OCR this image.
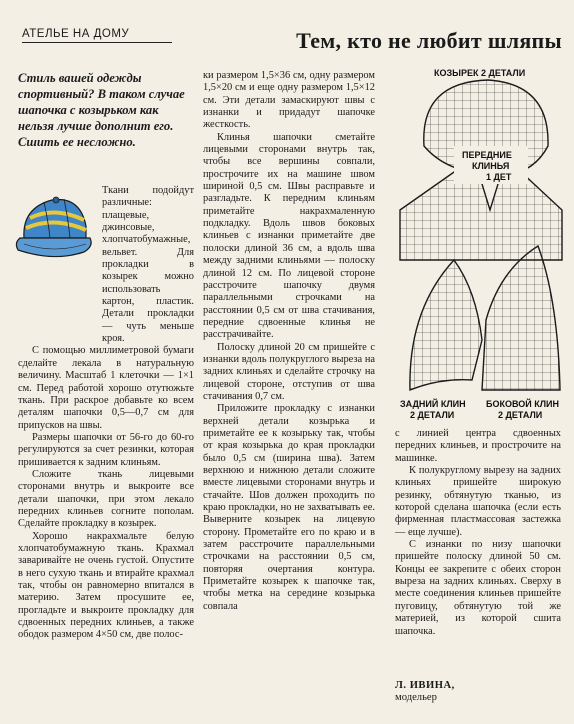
АТЕЛЬЕ НА ДОМУ	Тем, кто не любит шляпы
Стиль вашей одежды спортивный? В таком случае шапочка с козырьком как нельзя лучше дополнит его. Сшить ее несложно.

Ткани подойдут различные: плащевые, джинсовые, хлопчатобумажные, вельвет. Для прокладки в козырек можно использовать картон, пластик. Детали прокладки — чуть меньше кроя.

С помощью миллиметровой бумаги сделайте лекала в натуральную величину. Масштаб 1 клеточки — 1×1 см. Перед работой хорошо отутюжьте ткань. При раскрое добавьте ко всем деталям шапочки 0,5—0,7 см для припусков на швы.

Размеры шапочки от 56-го до 60-го регулируются за счет резинки, которая пришивается к задним клиньям.

Сложите ткань лицевыми сторонами внутрь и выкроите все детали шапочки, при этом лекало передних клиньев согните пополам. Сделайте прокладку в козырек.

Хорошо накрахмальте белую хлопчатобумажную ткань. Крахмал заваривайте не очень густой. Опустите в него сухую ткань и втирайте крахмал так, чтобы он равномерно впитался в материю. Затем просушите ее, прогладьте и выкроите прокладку для сдвоенных передних клиньев, а также ободок размером 4×50 см, две полос-

ки размером 1,5×36 см, одну размером 1,5×20 см и еще одну размером 1,5×12 см. Эти детали замаскируют швы с изнанки и придадут шапочке жесткость.

Клинья шапочки сметайте лицевыми сторонами внутрь так, чтобы все вершины совпали, прострочите их на машине швом шириной 0,5 см. Швы расправьте и разгладьте. К передним клиньям приметайте накрахмаленную подкладку. Вдоль швов боковых клиньев с изнанки приметайте две полоски длиной 36 см, а вдоль шва между задними клиньями — полоску длиной 12 см. По лицевой стороне расстрочите шапочку двумя параллельными строчками на расстоянии 0,5 см от шва стачивания, передние сдвоенные клинья не расстрачивайте.

Полоску длиной 20 см пришейте с изнанки вдоль полукруглого выреза на задних клиньях и сделайте строчку на лицевой стороне, отступив от шва стачивания 0,7 см.

Приложите прокладку с изнанки верхней детали козырька и приметайте ее к козырьку так, чтобы от края козырька до края прокладки было 0,5 см (ширина шва). Затем верхнюю и нижнюю детали сложите вместе лицевыми сторонами внутрь и стачайте. Шов должен проходить по краю прокладки, но не захватывать ее. Выверните козырек на лицевую сторону. Прометайте его по краю и в затем расстрочите параллельными строчками на расстоянии 0,5 см, повторяя очертания контура. Приметайте козырек к шапочке так, чтобы метка на середине козырька совпала

КОЗЫРЕК 2 ДЕТАЛИ
ПЕРЕДНИЕ
КЛИНЬЯ
1 ДЕТ
ЗАДНИЙ КЛИН
2 ДЕТАЛИ
БОКОВОЙ КЛИН
2 ДЕТАЛИ

с линией центра сдвоенных передних клиньев, и прострочите на машинке.

К полукруглому вырезу на задних клиньях пришейте широкую резинку, обтянутую тканью, из которой сделана шапочка (если есть фирменная пластмассовая застежка — еще лучше).

С изнанки по низу шапочки пришейте полоску длиной 50 см. Концы ее закрепите с обеих сторон выреза на задних клиньях. Сверху в месте соединения клиньев пришейте пуговицу, обтянутую той же материей, из которой сшита шапочка.

Л. ИВИНА,
модельер
